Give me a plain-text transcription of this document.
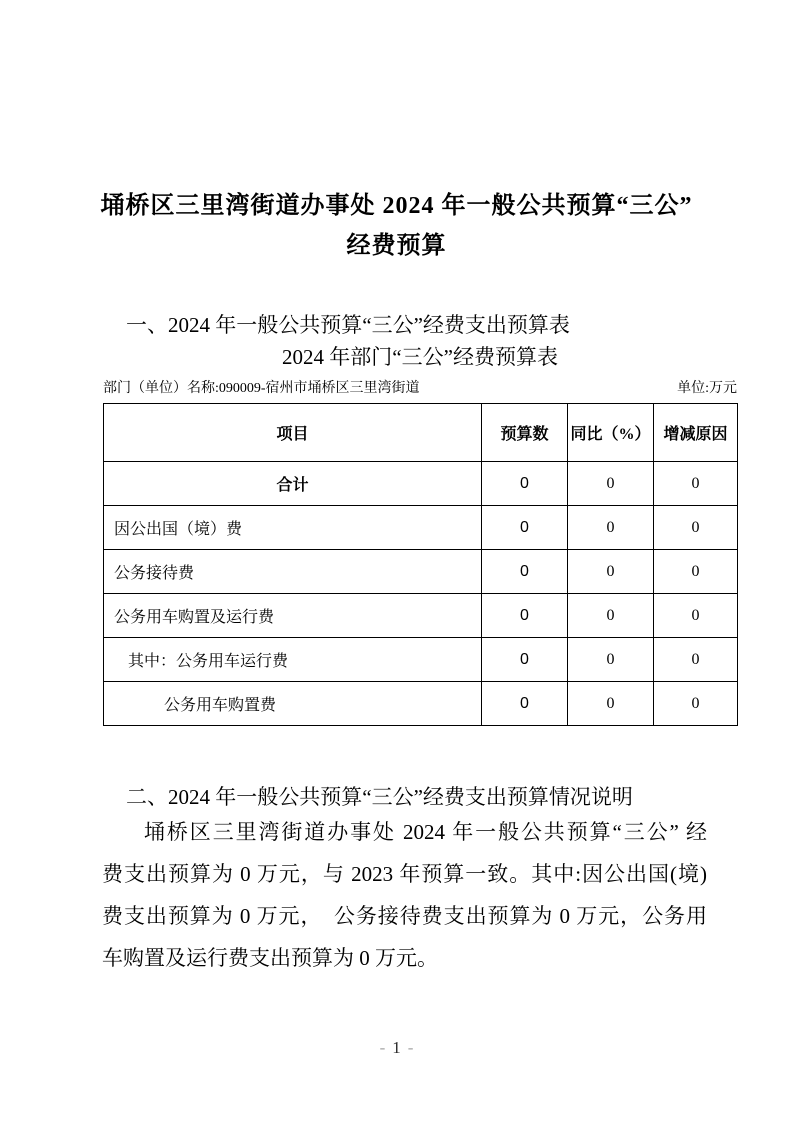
埇桥区三里湾街道办事处 2024 年一般公共预算“三公”
经费预算
一、2024 年一般公共预算“三公”经费支出预算表
2024 年部门“三公”经费预算表
部门（单位）名称:090009-宿州市埇桥区三里湾街道	单位:万元
项目	预算数	同比（%）	增减原因
合计	0	0	0
因公出国（境）费	0	0	0
公务接待费	0	0	0
公务用车购置及运行费	0	0	0
其中：公务用车运行费	0	0	0
公务用车购置费	0	0	0
二、2024 年一般公共预算“三公”经费支出预算情况说明
埇桥区三里湾街道办事处 2024 年一般公共预算“三公” 经
费支出预算为 0 万元，与 2023 年预算一致。其中:因公出国(境)
费支出预算为 0 万元，　公务接待费支出预算为 0 万元，公务用
车购置及运行费支出预算为 0 万元。
- 1 -
